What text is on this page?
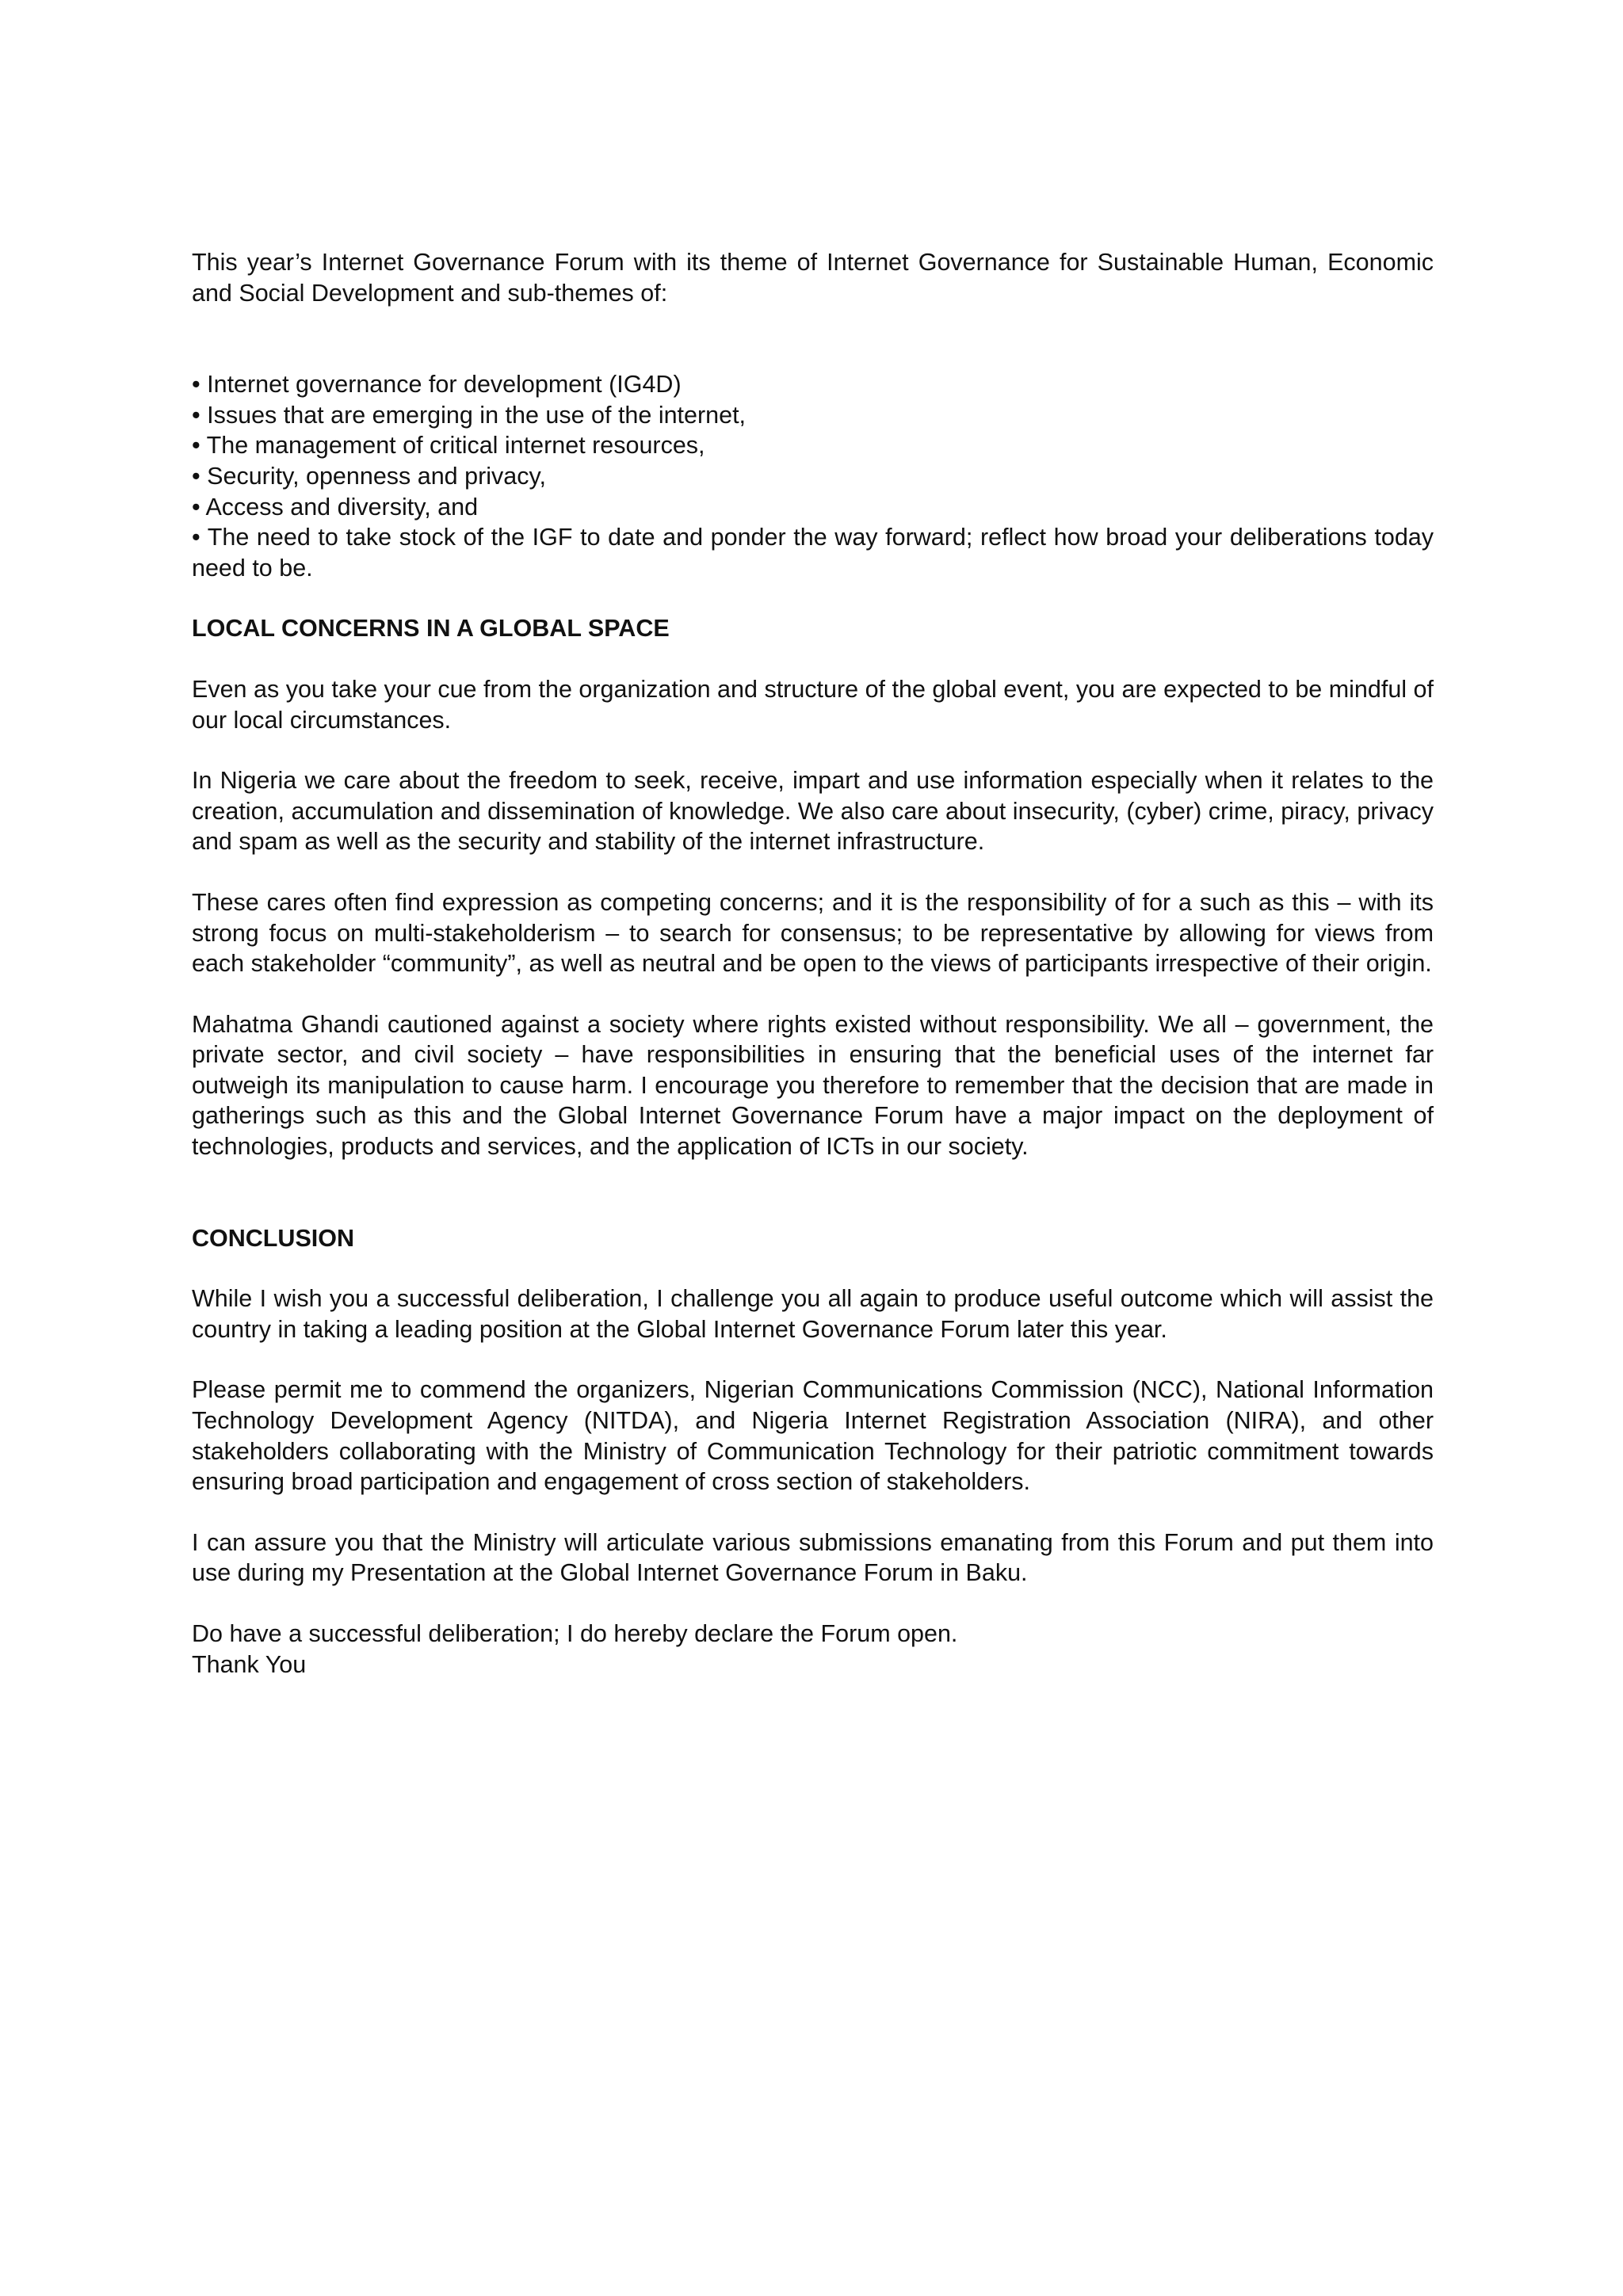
This year’s Internet Governance Forum with its theme of Internet Governance for Sustainable Human, Economic and Social Development and sub-themes of:

• Internet governance for development (IG4D)
• Issues that are emerging in the use of the internet,
• The management of critical internet resources,
• Security, openness and privacy,
• Access and diversity, and
• The need to take stock of the IGF to date and ponder the way forward; reflect how broad your deliberations today need to be.

LOCAL CONCERNS IN A GLOBAL SPACE

Even as you take your cue from the organization and structure of the global event, you are expected to be mindful of our local circumstances.

In Nigeria we care about the freedom to seek, receive, impart and use information especially when it relates to the creation, accumulation and dissemination of knowledge. We also care about insecurity, (cyber) crime, piracy, privacy and spam as well as the security and stability of the internet infrastructure.

These cares often find expression as competing concerns; and it is the responsibility of for a such as this – with its strong focus on multi-stakeholderism – to search for consensus; to be representative by allowing for views from each stakeholder “community”, as well as neutral and be open to the views of participants irrespective of their origin.

Mahatma Ghandi cautioned against a society where rights existed without responsibility. We all – government, the private sector, and civil society – have responsibilities in ensuring that the beneficial uses of the internet far outweigh its manipulation to cause harm. I encourage you therefore to remember that the decision that are made in gatherings such as this and the Global Internet Governance Forum have a major impact on the deployment of technologies, products and services, and the application of ICTs in our society.

CONCLUSION

While I wish you a successful deliberation, I challenge you all again to produce useful outcome which will assist the country in taking a leading position at the Global Internet Governance Forum later this year.

Please permit me to commend the organizers, Nigerian Communications Commission (NCC), National Information Technology Development Agency (NITDA), and Nigeria Internet Registration Association (NIRA), and other stakeholders collaborating with the Ministry of Communication Technology for their patriotic commitment towards ensuring broad participation and engagement of cross section of stakeholders.

I can assure you that the Ministry will articulate various submissions emanating from this Forum and put them into use during my Presentation at the Global Internet Governance Forum in Baku.

Do have a successful deliberation; I do hereby declare the Forum open.

Thank You
